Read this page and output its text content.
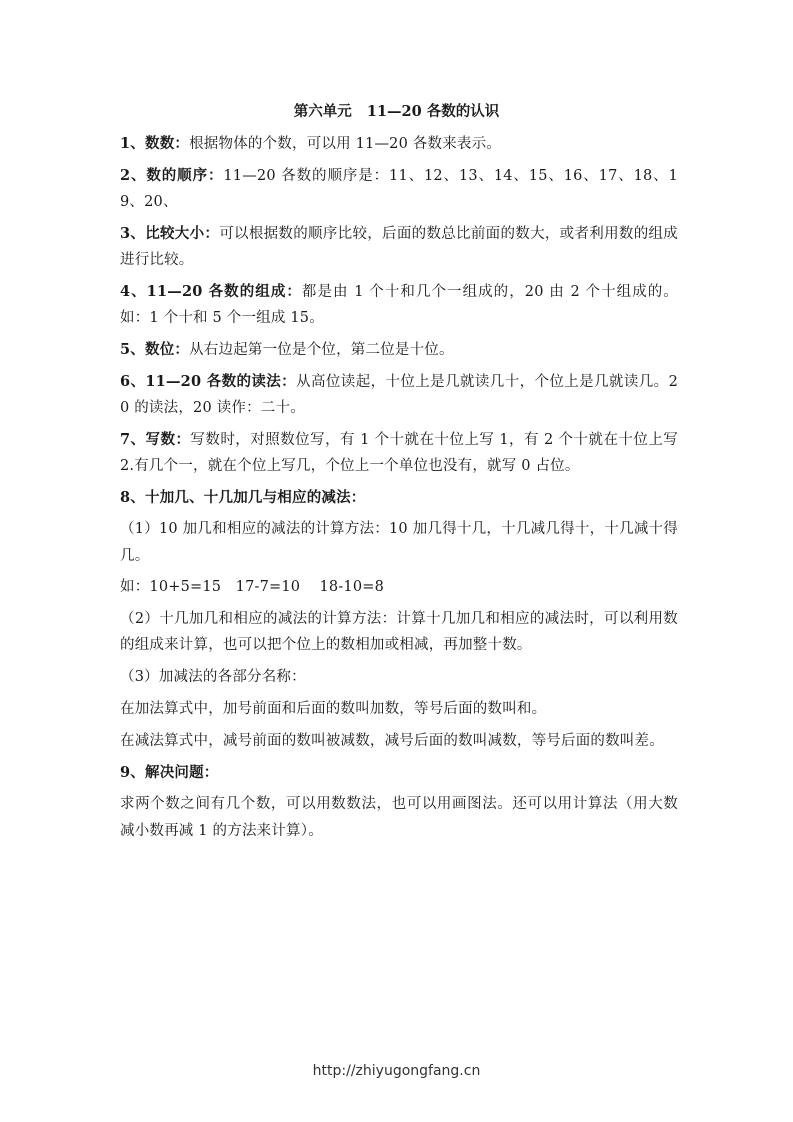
第六单元   11—20 各数的认识

1、数数：根据物体的个数，可以用 11—20 各数来表示。

2、数的顺序：11—20 各数的顺序是：11、12、13、14、15、16、17、18、19、20、

3、比较大小：可以根据数的顺序比较，后面的数总比前面的数大，或者利用数的组成进行比较。

4、11—20 各数的组成：都是由 1 个十和几个一组成的，20 由 2 个十组成的。如：1 个十和 5 个一组成 15。

5、数位：从右边起第一位是个位，第二位是十位。

6、11—20 各数的读法：从高位读起，十位上是几就读几十，个位上是几就读几。20 的读法，20 读作：二十。

7、写数：写数时，对照数位写，有 1 个十就在十位上写 1，有 2 个十就在十位上写 2.有几个一，就在个位上写几，个位上一个单位也没有，就写 0 占位。

8、十加几、十几加几与相应的减法：

（1）10 加几和相应的减法的计算方法：10 加几得十几，十几减几得十，十几减十得几。

如：10+5=15   17-7=10    18-10=8

（2）十几加几和相应的减法的计算方法：计算十几加几和相应的减法时，可以利用数的组成来计算，也可以把个位上的数相加或相减，再加整十数。

（3）加减法的各部分名称：

在加法算式中，加号前面和后面的数叫加数，等号后面的数叫和。

在减法算式中，减号前面的数叫被减数，减号后面的数叫减数，等号后面的数叫差。

9、解决问题：

求两个数之间有几个数，可以用数数法，也可以用画图法。还可以用计算法（用大数减小数再减 1 的方法来计算）。

http://zhiyugongfang.cn
